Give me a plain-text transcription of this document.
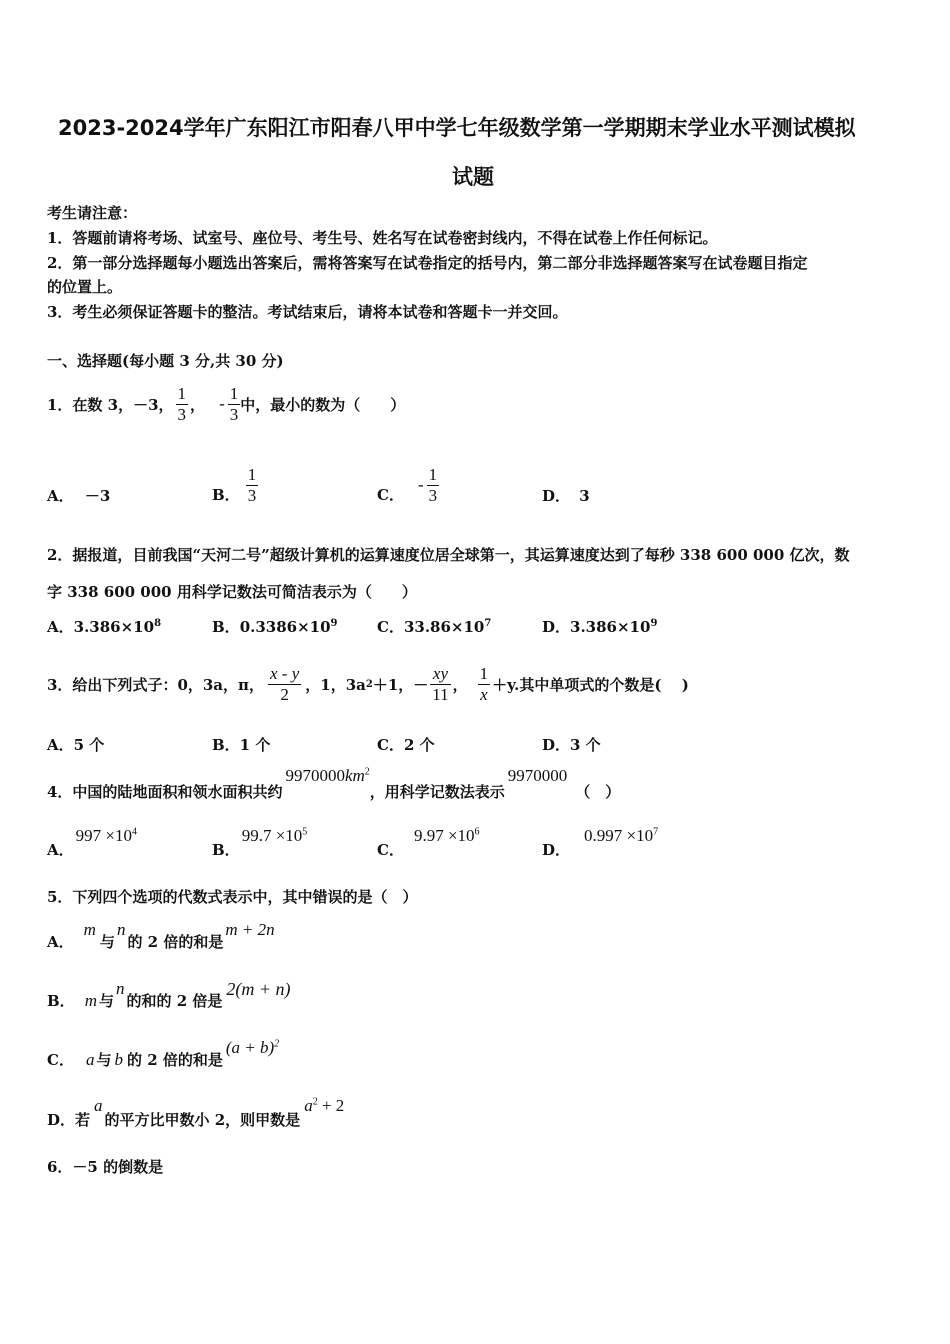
2023-2024学年广东阳江市阳春八甲中学七年级数学第一学期期末学业水平测试模拟
试题
考生请注意：
1．答题前请将考场、试室号、座位号、考生号、姓名写在试卷密封线内，不得在试卷上作任何标记。
2．第一部分选择题每小题选出答案后，需将答案写在试卷指定的括号内，第二部分非选择题答案写在试卷题目指定
的位置上。
3．考生必须保证答题卡的整洁。考试结束后，请将本试卷和答题卡一并交回。
一、选择题(每小题 3 分,共 30 分)
1．在数 3，－3， $\frac{1}{3}$ ， - $\frac{1}{3}$ 中，最小的数为（　　）
A． －3	B． $\frac{1}{3}$	C．
- $\frac{1}{3}$	D． 3
2．据报道，目前我国“天河二号”超级计算机的运算速度位居全球第一，其运算速度达到了每秒 338 600 000 亿次，数
字 338 600 000 用科学记数法可简洁表示为（　　）
A．$3.386\times 10^8$	B．$0.3386\times 10^9$	C．$33.86\times 10^7$	D．$3.386\times 10^9$
3．给出下列式子：0，3a，π， $\frac{x - y}{2}$ ，1，3a 2 ＋1，－ $\frac{xy}{11}$ ， $\frac{1}{x} +y$.其中单项式的个数是(　 )
A．5 个	B．1 个	C．2 个	D．3 个
4．中国的陆地面积和领水面积共约
$9970000km^2$
，用科学记数法表示
9970000
（　）
A．
$997 \times 10^4$
B．
$99.7 \times 10^5$
C．
$9.97 \times 10^6$
D．
$0.997 \times 10^7$
5．下列四个选项的代数式表示中，其中错误的是（　）
A．
m
与
n
的 2 倍的和是
m + 2n
B． m 与
n
的和的 2 倍是
2(m + n)
C． a 与 b 的 2 倍的和是
$(a + b)^2$
D．若
a
的平方比甲数小 2，则甲数是
$a^2 + 2$
6．－5 的倒数是
